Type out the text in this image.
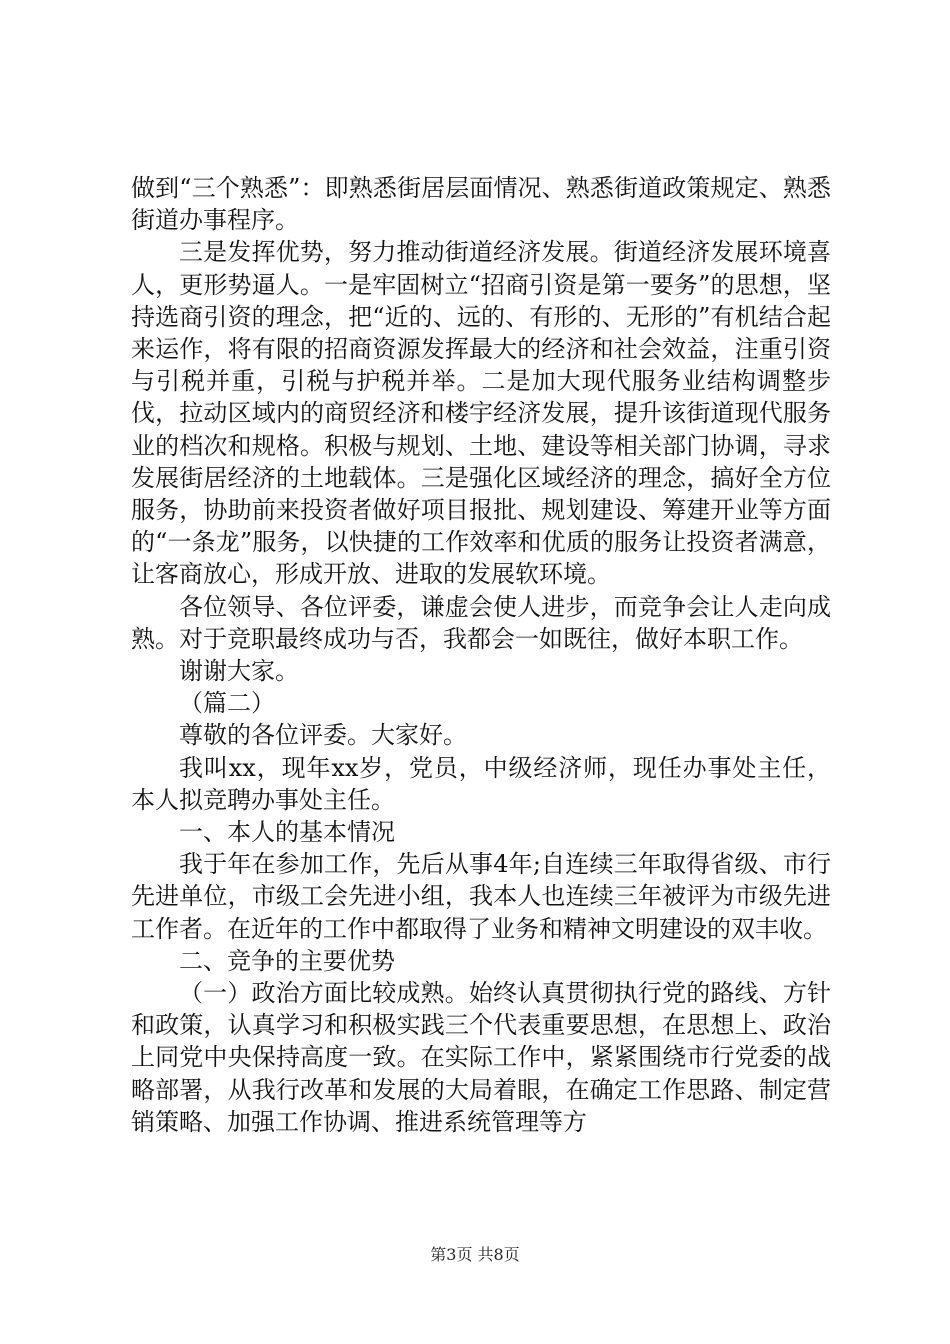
做到“三个熟悉”：即熟悉街居层面情况、熟悉街道政策规定、熟悉街道办事程序。

三是发挥优势，努力推动街道经济发展。街道经济发展环境喜人，更形势逼人。一是牢固树立“招商引资是第一要务”的思想，坚持选商引资的理念，把“近的、远的、有形的、无形的”有机结合起来运作，将有限的招商资源发挥最大的经济和社会效益，注重引资与引税并重，引税与护税并举。二是加大现代服务业结构调整步伐，拉动区域内的商贸经济和楼宇经济发展，提升该街道现代服务业的档次和规格。积极与规划、土地、建设等相关部门协调，寻求发展街居经济的土地载体。三是强化区域经济的理念，搞好全方位服务，协助前来投资者做好项目报批、规划建设、筹建开业等方面的“一条龙”服务，以快捷的工作效率和优质的服务让投资者满意，让客商放心，形成开放、进取的发展软环境。

各位领导、各位评委，谦虚会使人进步，而竞争会让人走向成熟。对于竞职最终成功与否，我都会一如既往，做好本职工作。

谢谢大家。

（篇二）

尊敬的各位评委。大家好。

我叫xx，现年xx岁，党员，中级经济师，现任办事处主任，本人拟竞聘办事处主任。

一、本人的基本情况

我于年在参加工作，先后从事4年;自连续三年取得省级、市行先进单位，市级工会先进小组，我本人也连续三年被评为市级先进工作者。在近年的工作中都取得了业务和精神文明建设的双丰收。

二、竞争的主要优势

（一）政治方面比较成熟。始终认真贯彻执行党的路线、方针和政策，认真学习和积极实践三个代表重要思想，在思想上、政治上同党中央保持高度一致。在实际工作中，紧紧围绕市行党委的战略部署，从我行改革和发展的大局着眼，在确定工作思路、制定营销策略、加强工作协调、推进系统管理等方

第3页 共8页
